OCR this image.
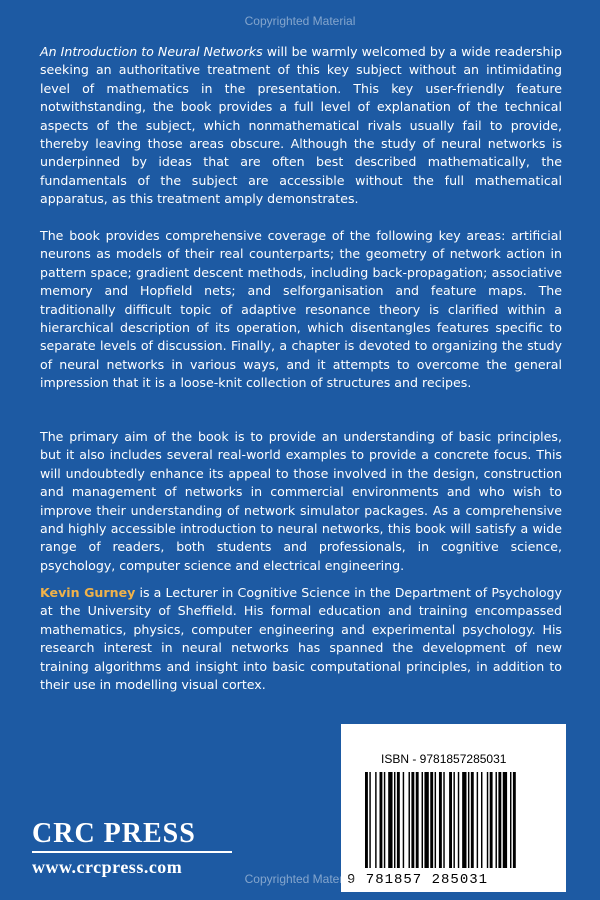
Copyrighted Material
An Introduction to Neural Networks will be warmly welcomed by a wide readership seeking an authoritative treatment of this key subject without an intimidating level of mathematics in the presentation. This key user-friendly feature notwithstanding, the book provides a full level of explanation of the technical aspects of the subject, which nonmathematical rivals usually fail to provide, thereby leaving those areas obscure. Although the study of neural networks is underpinned by ideas that are often best described mathematically, the fundamentals of the subject are accessible without the full mathematical apparatus, as this treatment amply demonstrates.
The book provides comprehensive coverage of the following key areas: artificial neurons as models of their real counterparts; the geometry of network action in pattern space; gradient descent methods, including back-propagation; associative memory and Hopfield nets; and selforganisation and feature maps. The traditionally difficult topic of adaptive resonance theory is clarified within a hierarchical description of its operation, which disentangles features specific to separate levels of discussion. Finally, a chapter is devoted to organizing the study of neural networks in various ways, and it attempts to overcome the general impression that it is a loose-knit collection of structures and recipes.
The primary aim of the book is to provide an understanding of basic principles, but it also includes several real-world examples to provide a concrete focus. This will undoubtedly enhance its appeal to those involved in the design, construction and management of networks in commercial environments and who wish to improve their understanding of network simulator packages. As a comprehensive and highly accessible introduction to neural networks, this book will satisfy a wide range of readers, both students and professionals, in cognitive science, psychology, computer science and electrical engineering.
Kevin Gurney is a Lecturer in Cognitive Science in the Department of Psychology at the University of Sheffield. His formal education and training encompassed mathematics, physics, computer engineering and experimental psychology. His research interest in neural networks has spanned the development of new training algorithms and insight into basic computational principles, in addition to their use in modelling visual cortex.
ISBN - 9781857285031
9 781857 285031
CRC PRESS
www.crcpress.com
Copyrighted Material
